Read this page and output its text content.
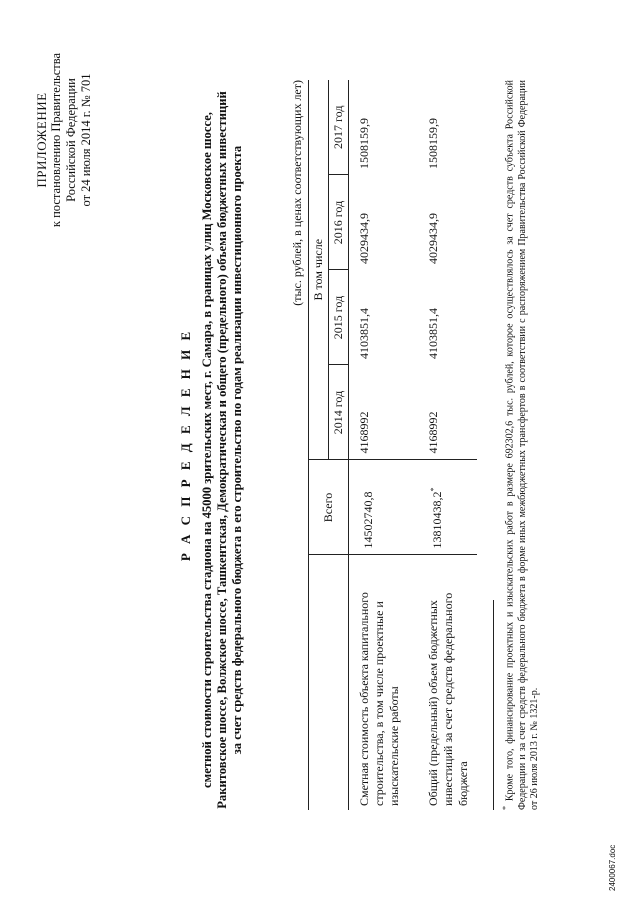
ПРИЛОЖЕНИЕ к постановлению Правительства Российской Федерации от 24 июля 2014 г. № 701
Р А С П Р Е Д Е Л Е Н И Е сметной стоимости строительства стадиона на 45000 зрительских мест, г. Самара, в границах улиц Московское шоссе, Ракитовское шоссе, Волжское шоссе, Ташкентская, Демократическая и общего (предельного) объема бюджетных инвестиций за счет средств федерального бюджета в его строительство по годам реализации инвестиционного проекта	(тыс. рублей, в ценах соответствующих лет)
	Всего	В том числе			
		2014 год	2015 год	2016 год	2017 год
Сметная стоимость объекта капитального строительства, в том числе проектные и изыскательские работы	14502740,8	4168992	4103851,4	4029434,9	1508159,9
Общий (предельный) объем бюджетных инвестиций за счет средств федерального бюджета	13810438,2*	4168992	4103851,4	4029434,9	1508159,9
* Кроме того, финансирование проектных и изыскательских работ в размере 692302,6 тыс. рублей, которое осуществлялось за счет средств субъекта Российской Федерации и за счет средств федерального бюджета в форме иных межбюджетных трансфертов в соответствии с распоряжением Правительства Российской Федерации от 26 июля 2013 г. № 1321-р.
2400067.doc
